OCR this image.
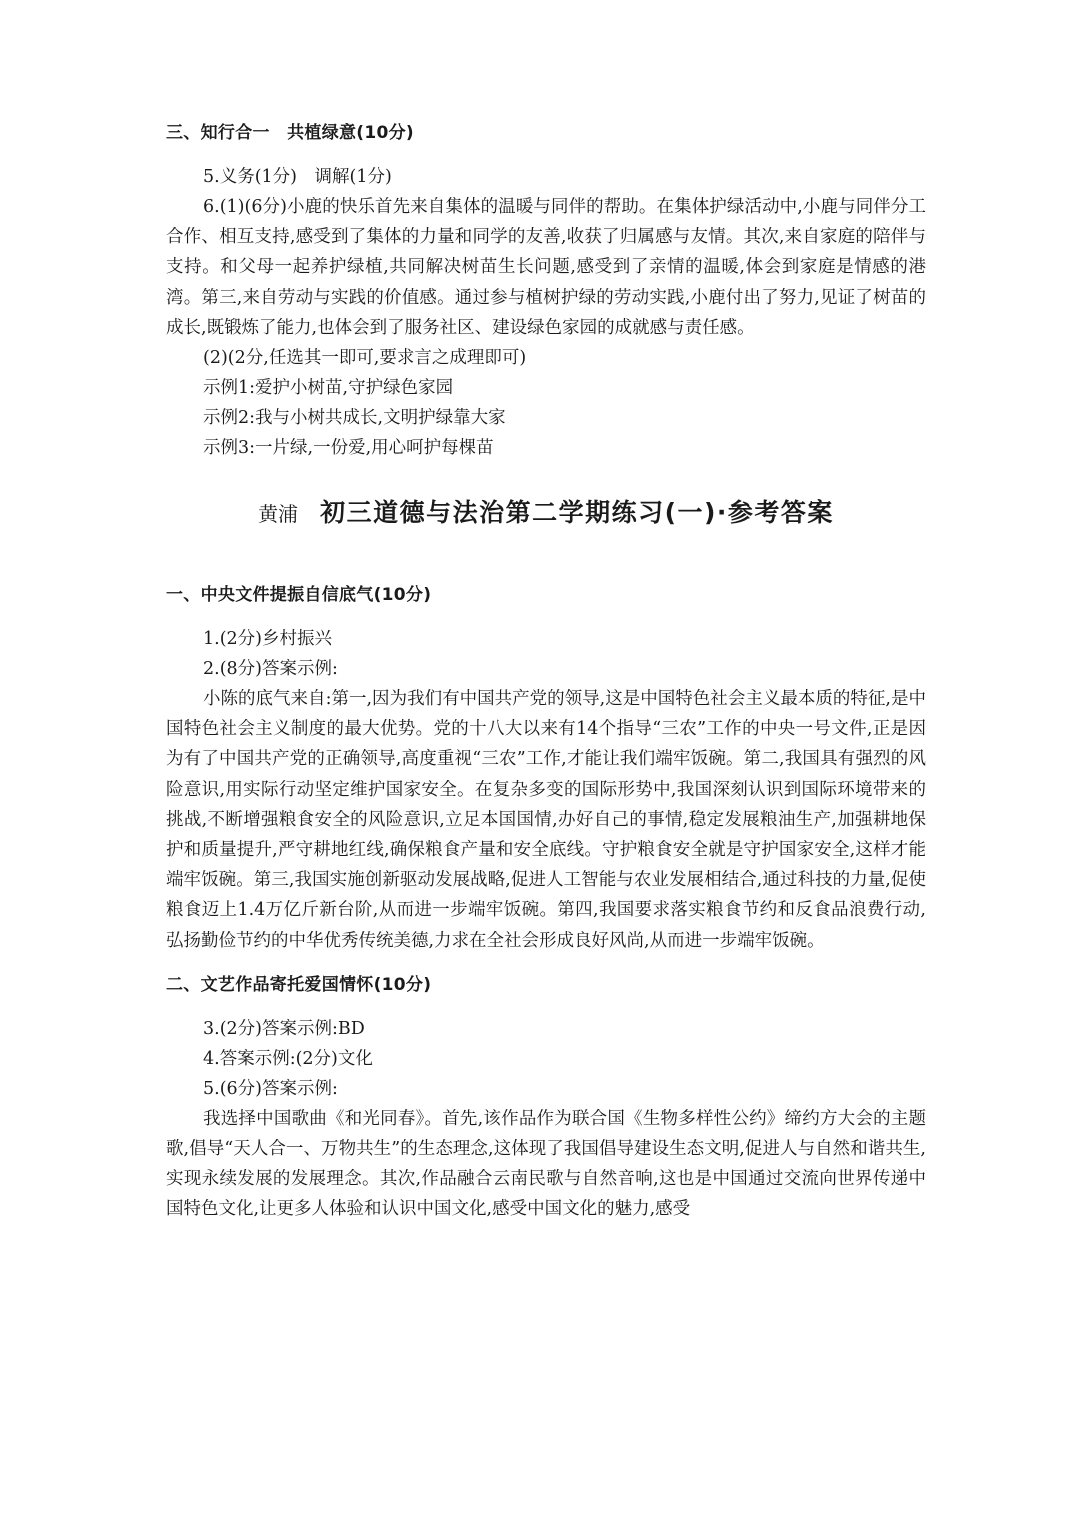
三、知行合一　共植绿意(10分)
5.义务(1分)　调解(1分)
6.(1)(6分)小鹿的快乐首先来自集体的温暖与同伴的帮助。在集体护绿活动中,小鹿与同伴分工合作、相互支持,感受到了集体的力量和同学的友善,收获了归属感与友情。其次,来自家庭的陪伴与支持。和父母一起养护绿植,共同解决树苗生长问题,感受到了亲情的温暖,体会到家庭是情感的港湾。第三,来自劳动与实践的价值感。通过参与植树护绿的劳动实践,小鹿付出了努力,见证了树苗的成长,既锻炼了能力,也体会到了服务社区、建设绿色家园的成就感与责任感。
(2)(2分,任选其一即可,要求言之成理即可)
示例1:爱护小树苗,守护绿色家园
示例2:我与小树共成长,文明护绿靠大家
示例3:一片绿,一份爱,用心呵护每棵苗
黄浦 初三道德与法治第二学期练习(一)·参考答案
一、中央文件提振自信底气(10分)
1.(2分)乡村振兴
2.(8分)答案示例:
小陈的底气来自:第一,因为我们有中国共产党的领导,这是中国特色社会主义最本质的特征,是中国特色社会主义制度的最大优势。党的十八大以来有14个指导“三农”工作的中央一号文件,正是因为有了中国共产党的正确领导,高度重视“三农”工作,才能让我们端牢饭碗。第二,我国具有强烈的风险意识,用实际行动坚定维护国家安全。在复杂多变的国际形势中,我国深刻认识到国际环境带来的挑战,不断增强粮食安全的风险意识,立足本国国情,办好自己的事情,稳定发展粮油生产,加强耕地保护和质量提升,严守耕地红线,确保粮食产量和安全底线。守护粮食安全就是守护国家安全,这样才能端牢饭碗。第三,我国实施创新驱动发展战略,促进人工智能与农业发展相结合,通过科技的力量,促使粮食迈上1.4万亿斤新台阶,从而进一步端牢饭碗。第四,我国要求落实粮食节约和反食品浪费行动,弘扬勤俭节约的中华优秀传统美德,力求在全社会形成良好风尚,从而进一步端牢饭碗。
二、文艺作品寄托爱国情怀(10分)
3.(2分)答案示例:BD
4.答案示例:(2分)文化
5.(6分)答案示例:
我选择中国歌曲《和光同春》。首先,该作品作为联合国《生物多样性公约》缔约方大会的主题歌,倡导“天人合一、万物共生”的生态理念,这体现了我国倡导建设生态文明,促进人与自然和谐共生,实现永续发展的发展理念。其次,作品融合云南民歌与自然音响,这也是中国通过交流向世界传递中国特色文化,让更多人体验和认识中国文化,感受中国文化的魅力,感受
